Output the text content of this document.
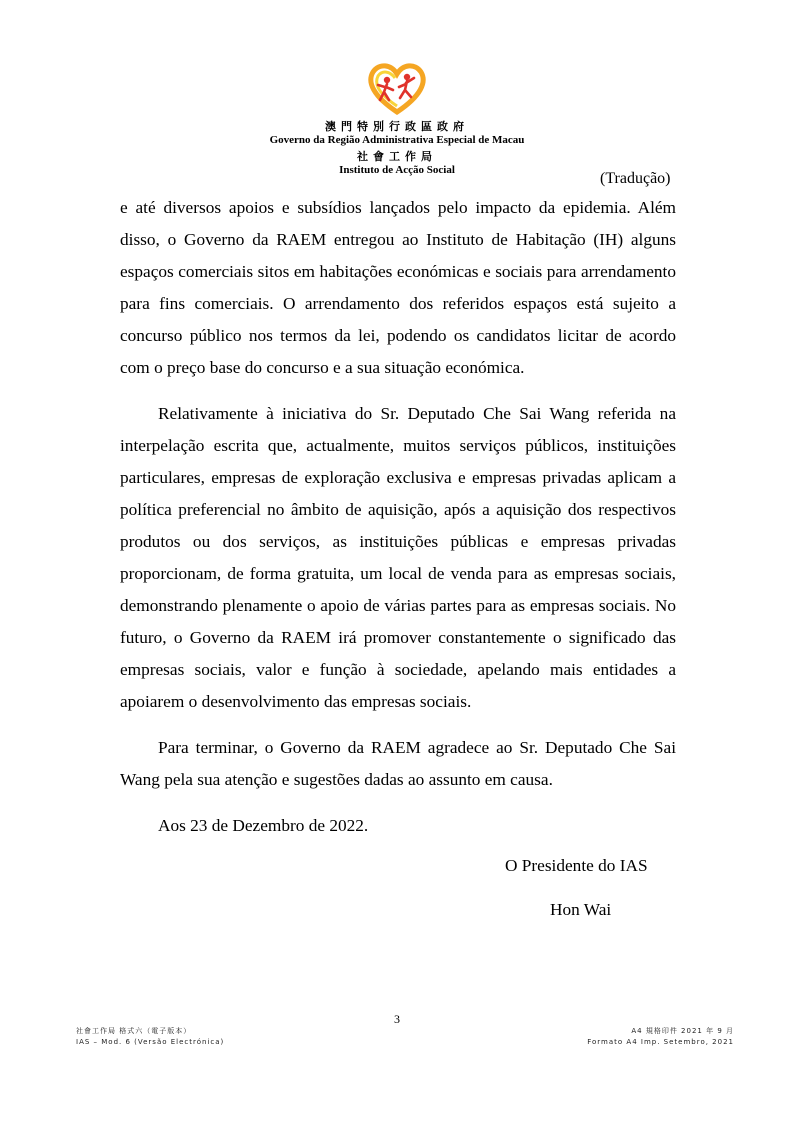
澳門特別行政區政府
Governo da Região Administrativa Especial de Macau
社會工作局
Instituto de Acção Social	(Tradução)

e até diversos apoios e subsídios lançados pelo impacto da epidemia. Além disso, o Governo da RAEM entregou ao Instituto de Habitação (IH) alguns espaços comerciais sitos em habitações económicas e sociais para arrendamento para fins comerciais. O arrendamento dos referidos espaços está sujeito a concurso público nos termos da lei, podendo os candidatos licitar de acordo com o preço base do concurso e a sua situação económica.

Relativamente à iniciativa do Sr. Deputado Che Sai Wang referida na interpelação escrita que, actualmente, muitos serviços públicos, instituições particulares, empresas de exploração exclusiva e empresas privadas aplicam a política preferencial no âmbito de aquisição, após a aquisição dos respectivos produtos ou dos serviços, as instituições públicas e empresas privadas proporcionam, de forma gratuita, um local de venda para as empresas sociais, demonstrando plenamente o apoio de várias partes para as empresas sociais. No futuro, o Governo da RAEM irá promover constantemente o significado das empresas sociais, valor e função à sociedade, apelando mais entidades a apoiarem o desenvolvimento das empresas sociais.

Para terminar, o Governo da RAEM agradece ao Sr. Deputado Che Sai Wang pela sua atenção e sugestões dadas ao assunto em causa.

Aos 23 de Dezembro de 2022.

O Presidente do IAS
Hon Wai
3
社會工作局 格式六（電子版本）
IAS – Mod. 6 (Versão Electrónica)
A4 規格印件 2021 年 9 月
Formato A4 Imp. Setembro, 2021
